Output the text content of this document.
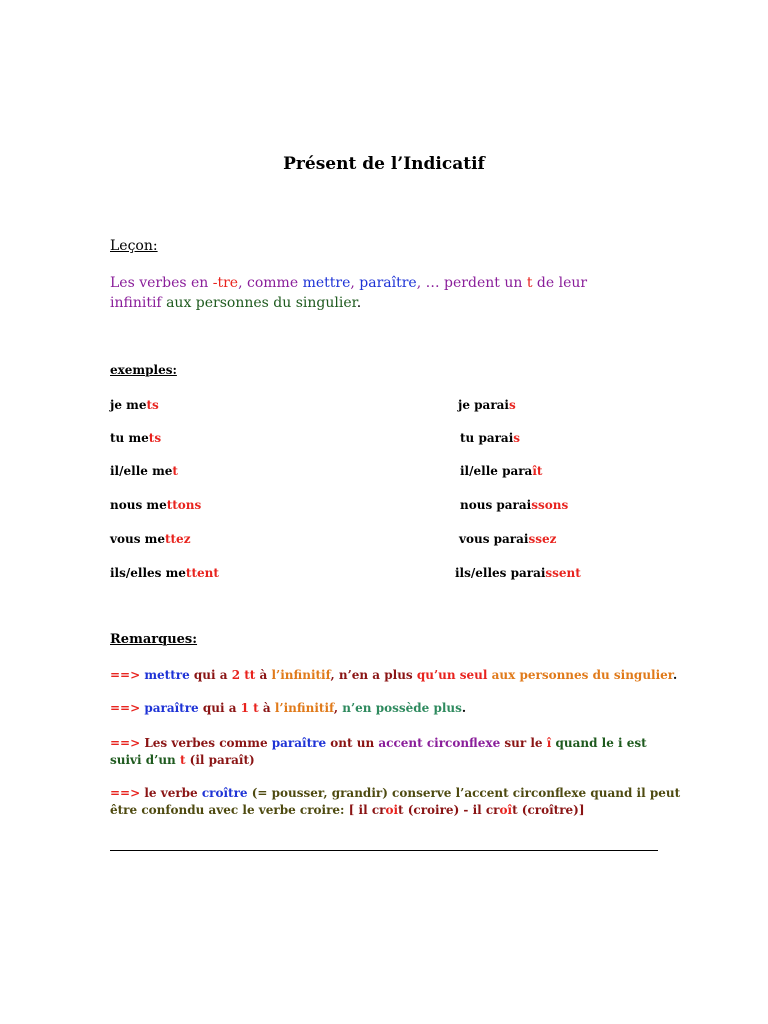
Présent de l’Indicatif
Leçon:
Les verbes en -tre, comme mettre, paraître, … perdent un t de leur
infinitif aux personnes du singulier.
exemples:
je mets	je parais
tu mets	tu parais
il/elle met	il/elle paraît
nous mettons	nous paraissons
vous mettez	vous paraissez
ils/elles mettent	ils/elles paraissent
Remarques:
==> mettre qui a 2 tt à l’infinitif, n’en a plus qu’un seul aux personnes du singulier.
==> paraître qui a 1 t à l’infinitif, n’en possède plus.
==> Les verbes comme paraître ont un accent circonflexe sur le î quand le i est
suivi d’un t (il paraît)
==> le verbe croître (= pousser, grandir) conserve l’accent circonflexe quand il peut
être confondu avec le verbe croire: [ il croit (croire) - il croît (croître)]
